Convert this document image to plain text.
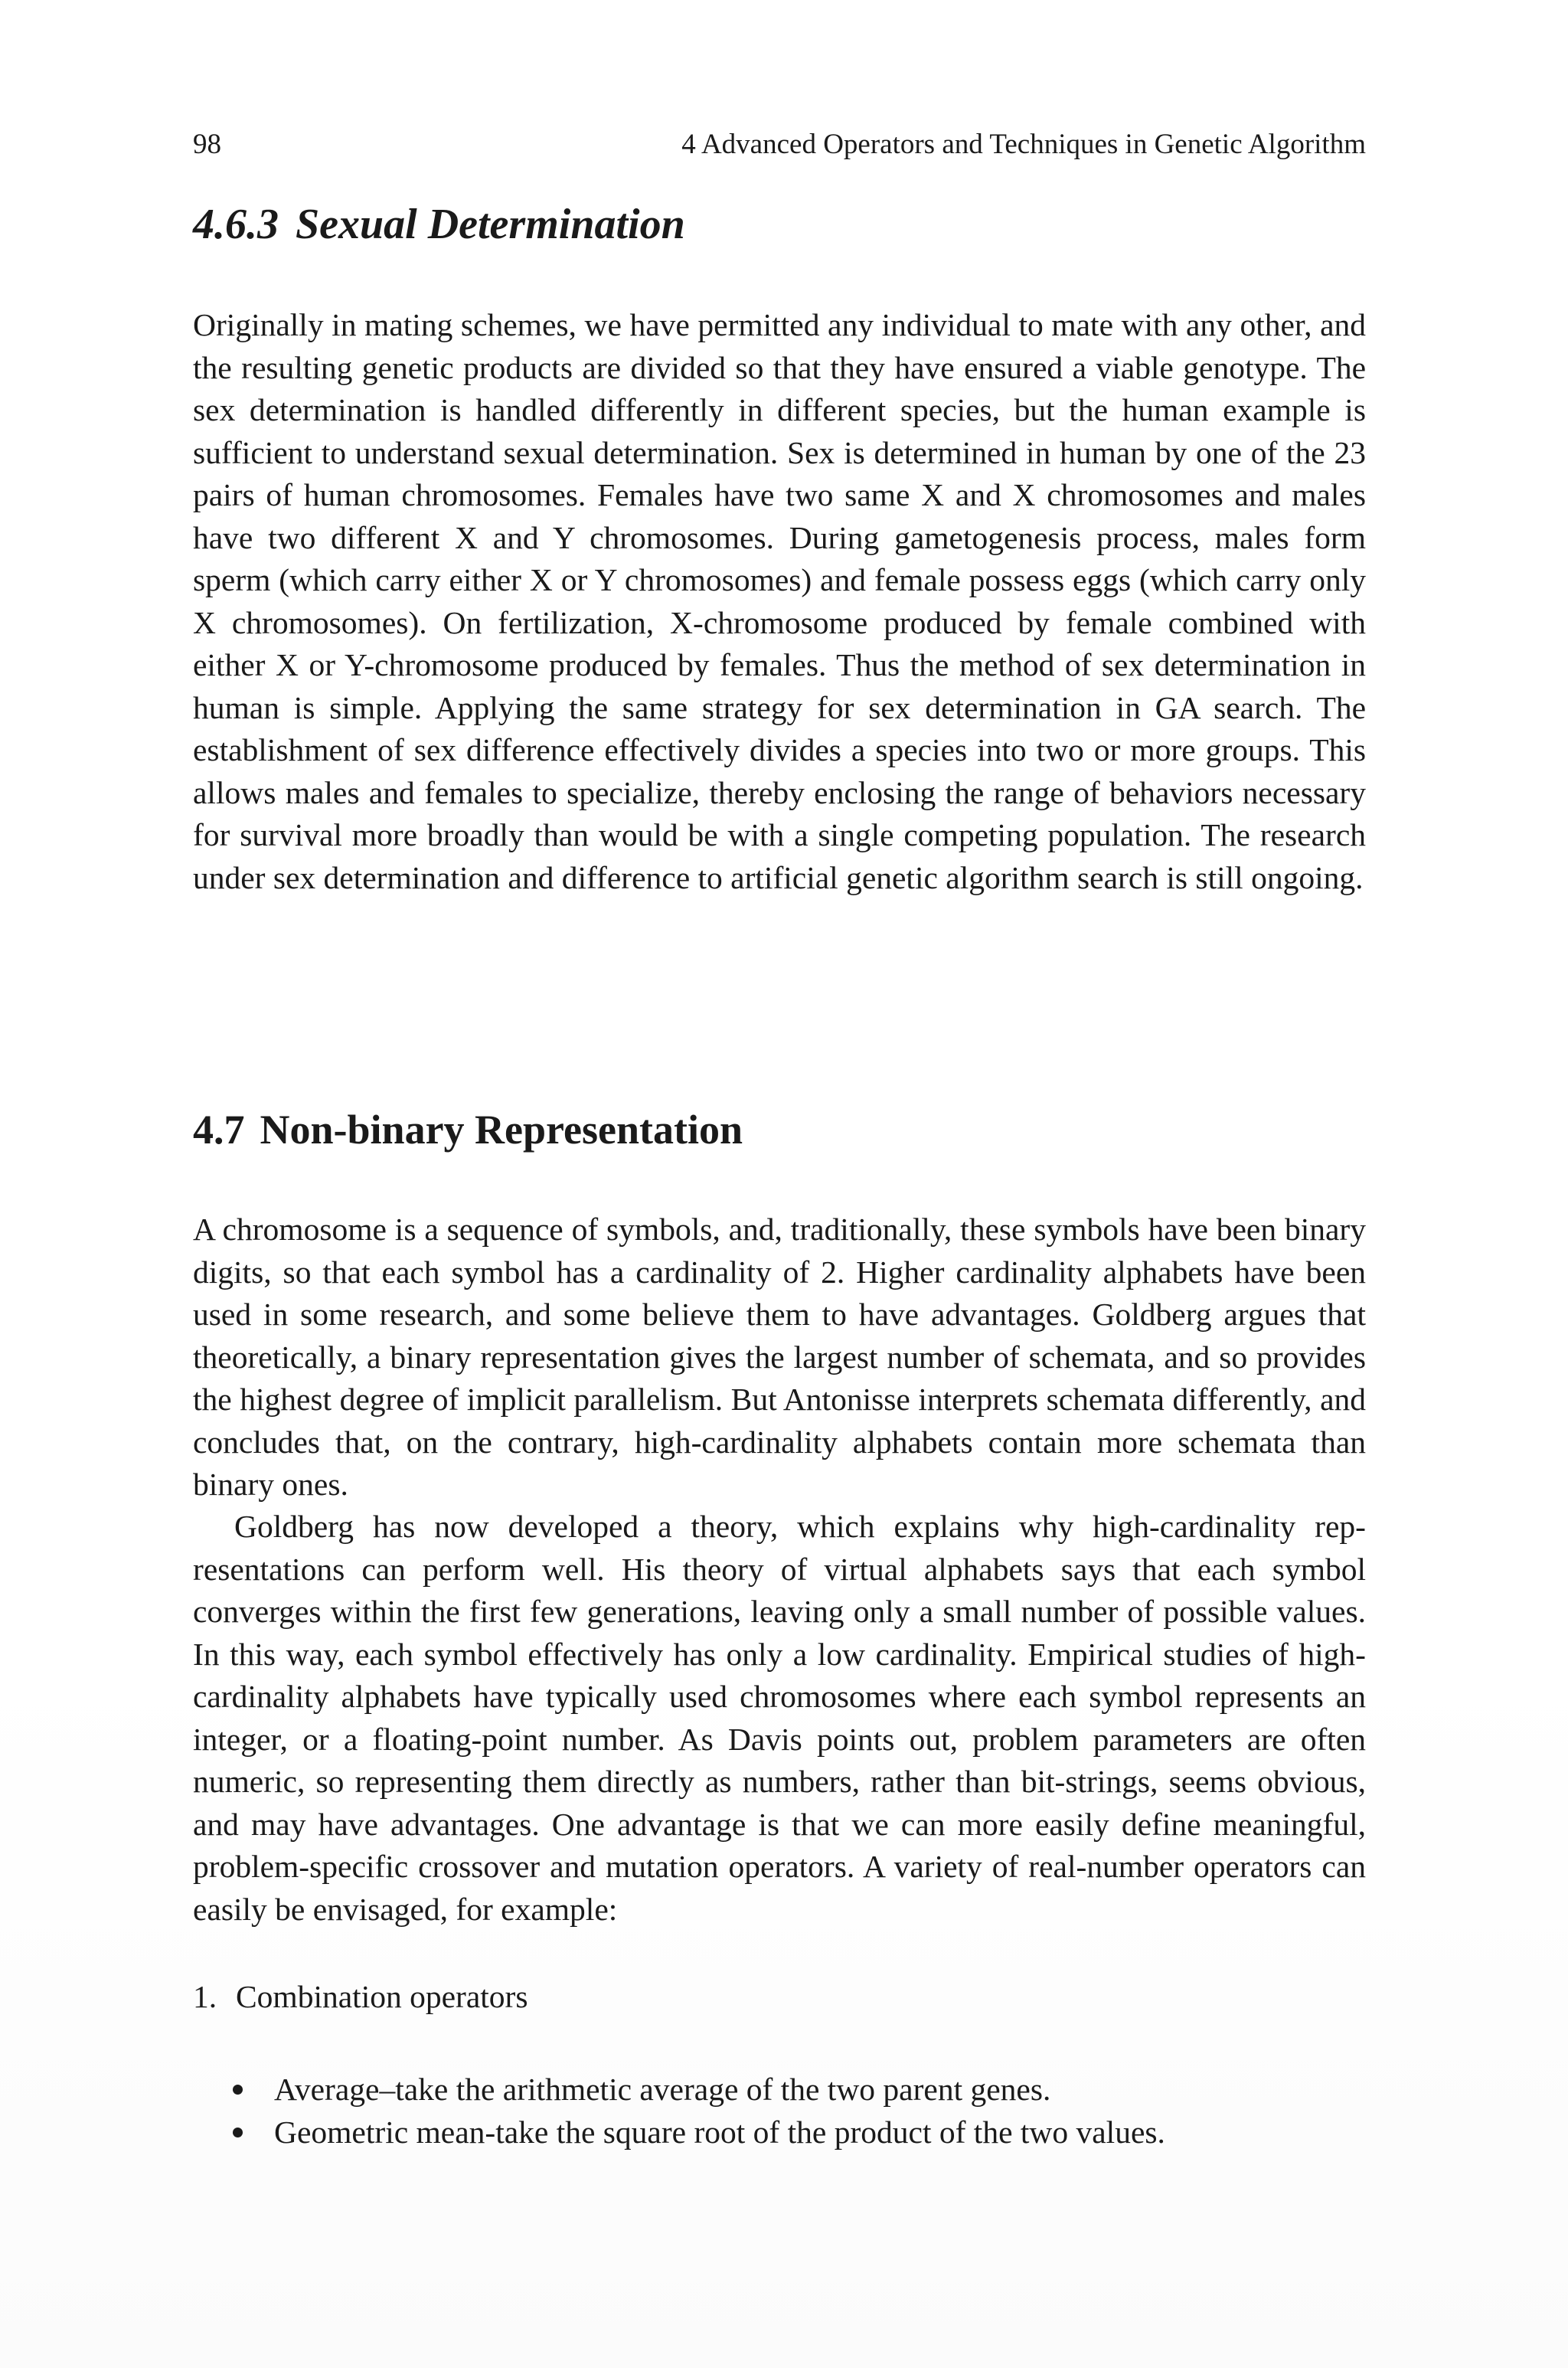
98	4 Advanced Operators and Techniques in Genetic Algorithm
4.6.3 Sexual Determination

Originally in mating schemes, we have permitted any individual to mate with any other, and the resulting genetic products are divided so that they have ensured a viable genotype. The sex determination is handled differently in different species, but the human example is sufficient to understand sexual determination. Sex is determined in human by one of the 23 pairs of human chromosomes. Females have two same X and X chromosomes and males have two different X and Y chromosomes. During gametogenesis process, males form sperm (which carry either X or Y chromosomes) and female possess eggs (which carry only X chromosomes). On fertilization, X-chromosome produced by female combined with either X or Y-chromosome produced by females. Thus the method of sex determination in human is simple. Applying the same strategy for sex determination in GA search. The establishment of sex difference effectively divides a species into two or more groups. This allows males and females to specialize, thereby enclosing the range of behaviors necessary for survival more broadly than would be with a single competing population. The research under sex determination and difference to artificial genetic algorithm search is still ongoing.

4.7 Non-binary Representation

A chromosome is a sequence of symbols, and, traditionally, these symbols have been binary digits, so that each symbol has a cardinality of 2. Higher cardinality alphabets have been used in some research, and some believe them to have advantages. Goldberg argues that theoretically, a binary representation gives the largest number of schemata, and so provides the highest degree of implicit parallelism. But Antonisse interprets schemata differently, and concludes that, on the contrary, high-cardinality alphabets contain more schemata than binary ones.

Goldberg has now developed a theory, which explains why high-cardinality representations can perform well. His theory of virtual alphabets says that each symbol converges within the first few generations, leaving only a small number of possible values. In this way, each symbol effectively has only a low cardinality. Empirical studies of high-cardinality alphabets have typically used chromosomes where each symbol represents an integer, or a floating-point number. As Davis points out, problem parameters are often numeric, so representing them directly as numbers, rather than bit-strings, seems obvious, and may have advantages. One advantage is that we can more easily define meaningful, problem-specific crossover and mutation operators. A variety of real-number operators can easily be envisaged, for example:

1. Combination operators
Average–take the arithmetic average of the two parent genes.
Geometric mean-take the square root of the product of the two values.
